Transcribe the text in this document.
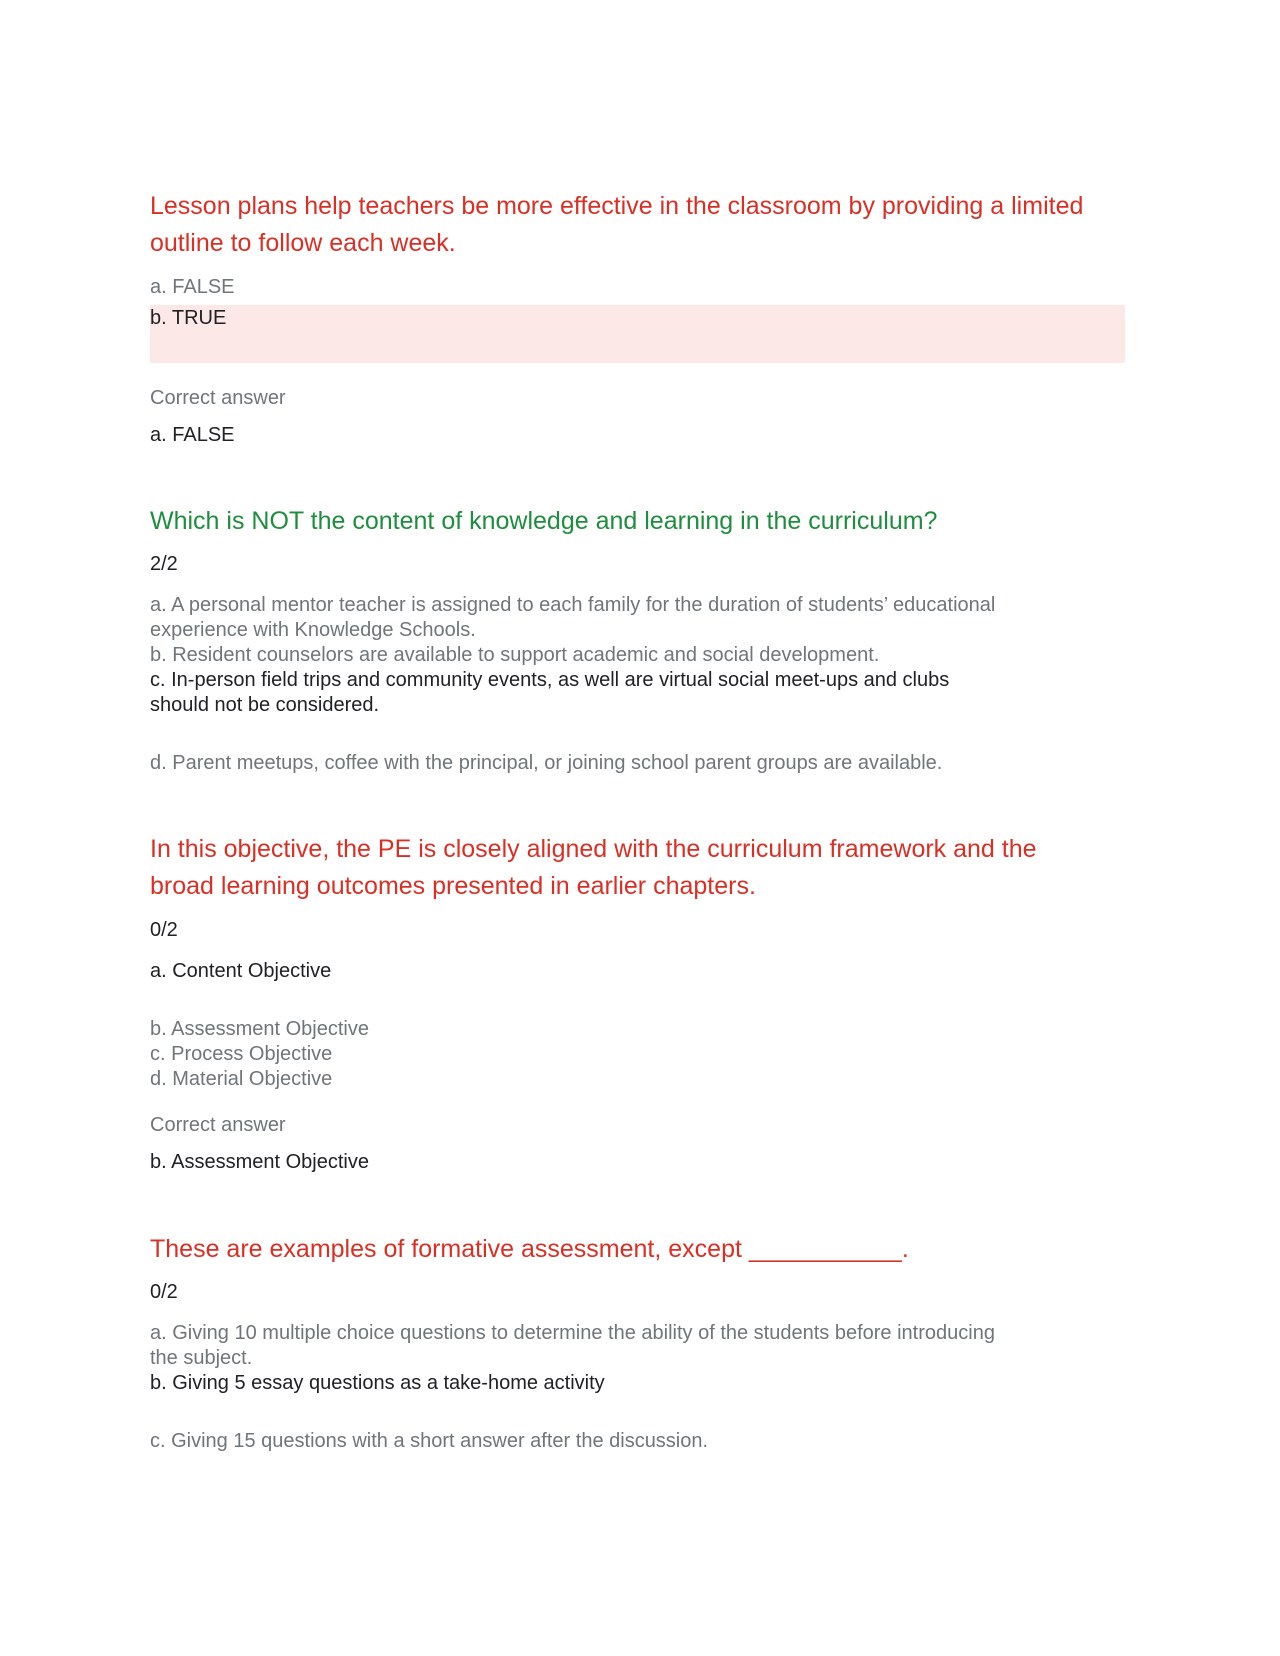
Lesson plans help teachers be more effective in the classroom by providing a limited
outline to follow each week.
a. FALSE
b. TRUE
Correct answer
a. FALSE
Which is NOT the content of knowledge and learning in the curriculum?
2/2
a. A personal mentor teacher is assigned to each family for the duration of students’ educational
experience with Knowledge Schools.
b. Resident counselors are available to support academic and social development.
c. In-person field trips and community events, as well are virtual social meet-ups and clubs
should not be considered.
d. Parent meetups, coffee with the principal, or joining school parent groups are available.
In this objective, the PE is closely aligned with the curriculum framework and the
broad learning outcomes presented in earlier chapters.
0/2
a. Content Objective
b. Assessment Objective
c. Process Objective
d. Material Objective
Correct answer
b. Assessment Objective
These are examples of formative assessment, except ___________.
0/2
a. Giving 10 multiple choice questions to determine the ability of the students before introducing
the subject.
b. Giving 5 essay questions as a take-home activity
c. Giving 15 questions with a short answer after the discussion.
